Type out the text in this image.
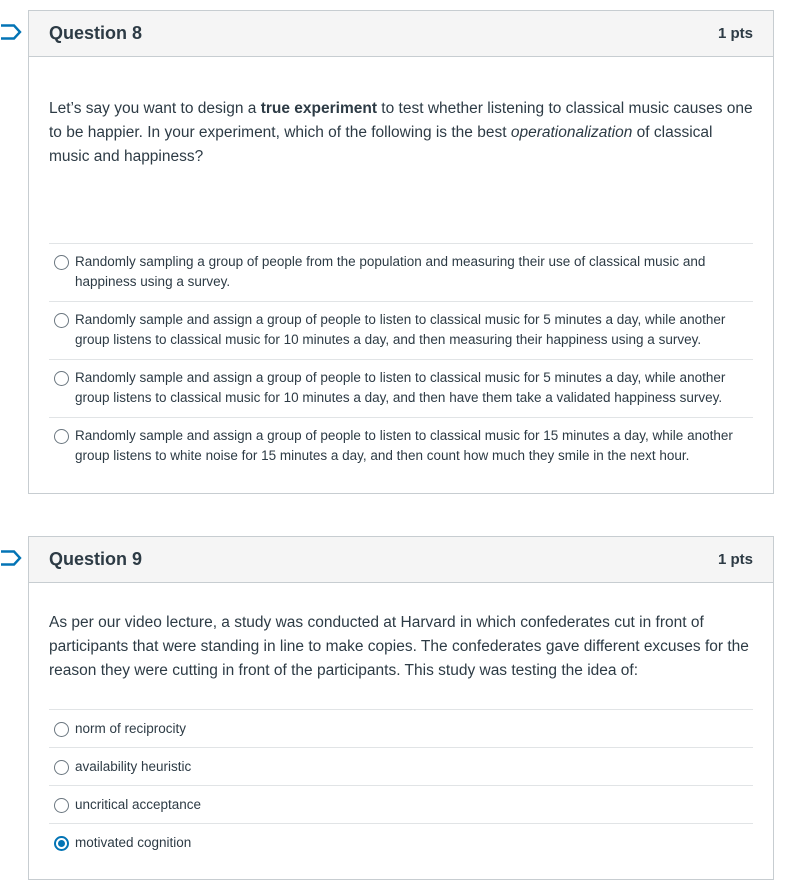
Question 8	1 pts
Let’s say you want to design a true experiment to test whether listening to classical music causes one to be happier. In your experiment, which of the following is the best operationalization of classical music and happiness?
Randomly sampling a group of people from the population and measuring their use of classical music and happiness using a survey.
Randomly sample and assign a group of people to listen to classical music for 5 minutes a day, while another group listens to classical music for 10 minutes a day, and then measuring their happiness using a survey.
Randomly sample and assign a group of people to listen to classical music for 5 minutes a day, while another group listens to classical music for 10 minutes a day, and then have them take a validated happiness survey.
Randomly sample and assign a group of people to listen to classical music for 15 minutes a day, while another group listens to white noise for 15 minutes a day, and then count how much they smile in the next hour.
Question 9	1 pts
As per our video lecture, a study was conducted at Harvard in which confederates cut in front of participants that were standing in line to make copies. The confederates gave different excuses for the reason they were cutting in front of the participants. This study was testing the idea of:
norm of reciprocity
availability heuristic
uncritical acceptance
motivated cognition
